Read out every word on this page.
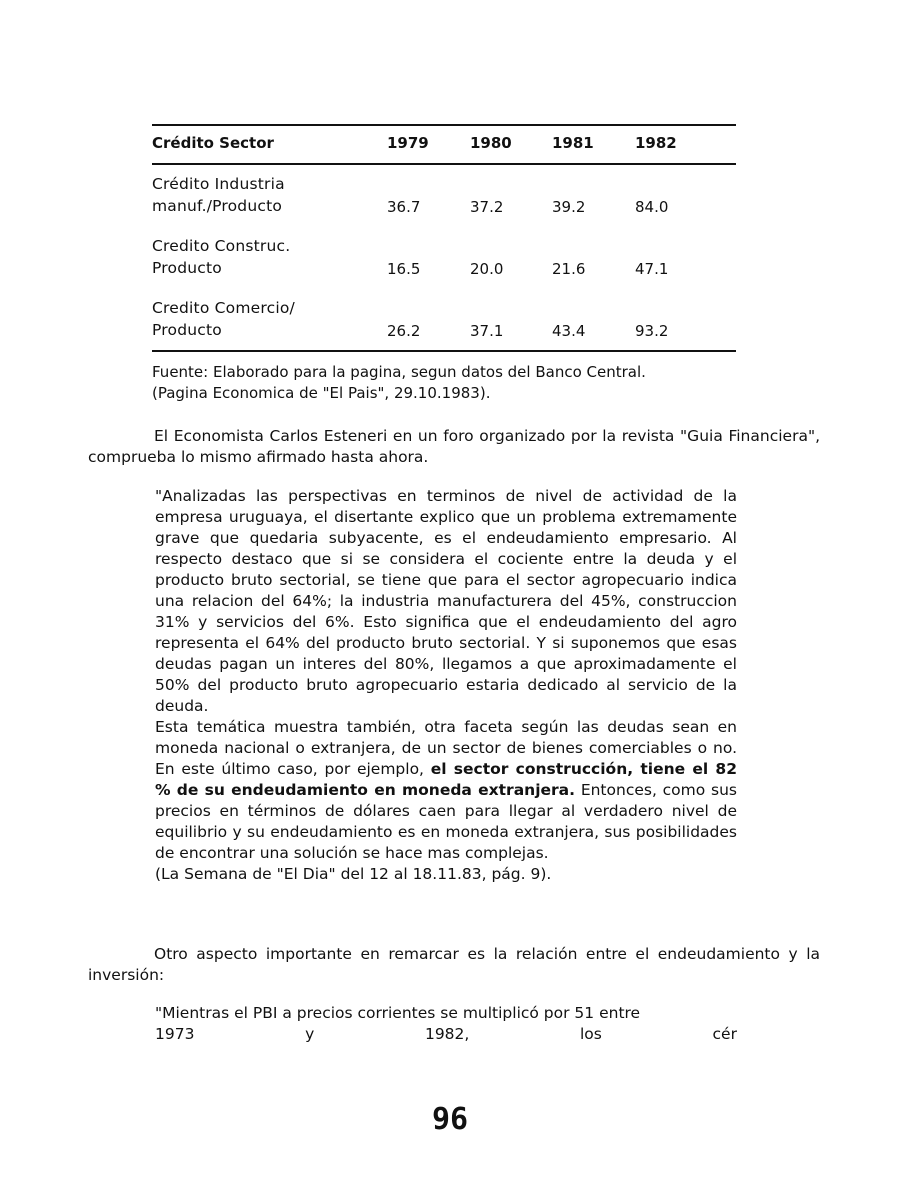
Crédito Sector	1979	1980	1981	1982
Crédito Industria
manuf./Producto	36.7	37.2	39.2	84.0
Credito Construc.
Producto	16.5	20.0	21.6	47.1
Credito Comercio/
Producto	26.2	37.1	43.4	93.2
Fuente: Elaborado para la pagina, segun datos del Banco Central.
(Pagina Economica de "El Pais", 29.10.1983).
El Economista Carlos Esteneri en un foro organizado por la revista "Guia Financiera", comprueba lo mismo afirmado hasta ahora.
"Analizadas las perspectivas en terminos de nivel de actividad de la empresa uruguaya, el disertante explico que un problema extremamente grave que quedaria subyacente, es el endeudamiento empresario. Al respecto destaco que si se considera el cociente entre la deuda y el producto bruto sectorial, se tiene que para el sector agropecuario indica una relacion del 64%; la industria manufacturera del 45%, construccion 31% y servicios del 6%. Esto significa que el endeudamiento del agro representa el 64% del producto bruto sectorial. Y si suponemos que esas deudas pagan un interes del 80%, llegamos a que aproximadamente el 50% del producto bruto agropecuario estaria dedicado al servicio de la deuda.
Esta temática muestra también, otra faceta según las deudas sean en moneda nacional o extranjera, de un sector de bienes comerciables o no. En este último caso, por ejemplo, el sector construcción, tiene el 82 % de su endeudamiento en moneda extranjera. Entonces, como sus precios en términos de dólares caen para llegar al verdadero nivel de equilibrio y su endeudamiento es en moneda extranjera, sus posibilidades de encontrar una solución se hace mas complejas.
(La Semana de "El Dia" del 12 al 18.11.83, pág. 9).
Otro aspecto importante en remarcar es la relación entre el endeudamiento y la inversión:
"Mientras el PBI a precios corrientes se multiplicó por 51 entre
1973	y	1982,	los	cér
96
